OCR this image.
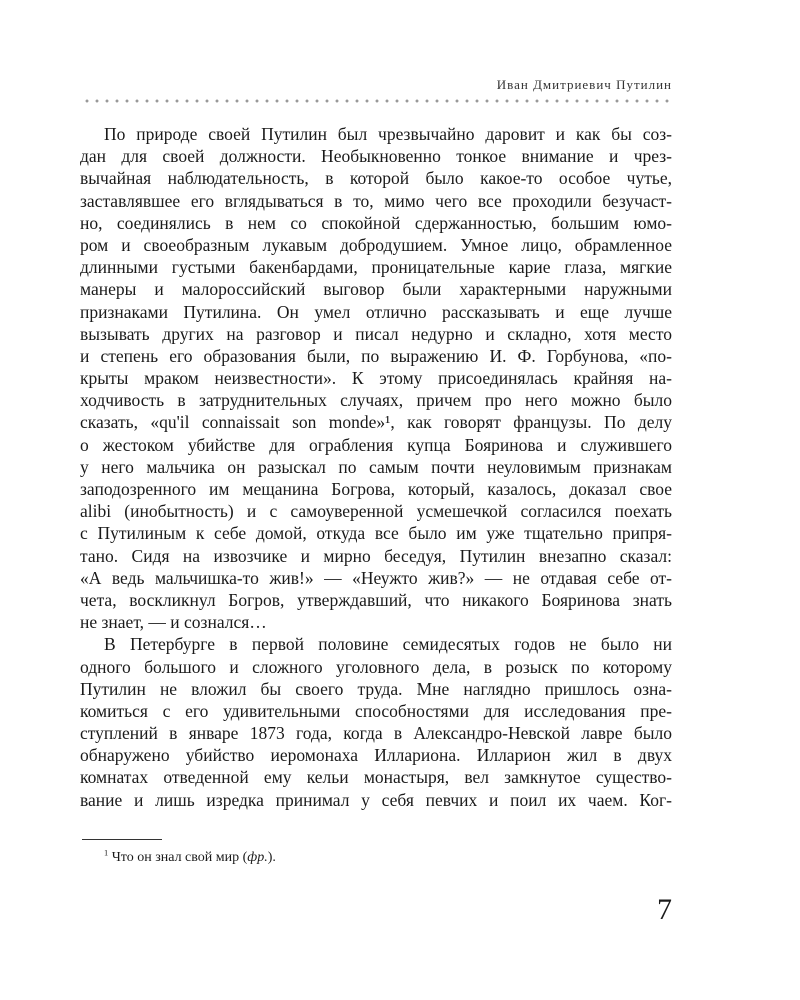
Иван Дмитриевич Путилин
По природе своей Путилин был чрезвычайно даровит и как бы соз-
дан для своей должности. Необыкновенно тонкое внимание и чрез-
вычайная наблюдательность, в которой было какое-то особое чутье,
заставлявшее его вглядываться в то, мимо чего все проходили безучаст-
но, соединялись в нем со спокойной сдержанностью, большим юмо-
ром и своеобразным лукавым добродушием. Умное лицо, обрамленное
длинными густыми бакенбардами, проницательные карие глаза, мягкие
манеры и малороссийский выговор были характерными наружными
признаками Путилина. Он умел отлично рассказывать и еще лучше
вызывать других на разговор и писал недурно и складно, хотя место
и степень его образования были, по выражению И. Ф. Горбунова, «по-
крыты мраком неизвестности». К этому присоединялась крайняя на-
ходчивость в затруднительных случаях, причем про него можно было
сказать, «qu'il connaissait son monde»¹, как говорят французы. По делу
о жестоком убийстве для ограбления купца Бояринова и служившего
у него мальчика он разыскал по самым почти неуловимым признакам
заподозренного им мещанина Богрова, который, казалось, доказал свое
alibi (инобытность) и с самоуверенной усмешечкой согласился поехать
с Путилиным к себе домой, откуда все было им уже тщательно припря-
тано. Сидя на извозчике и мирно беседуя, Путилин внезапно сказал:
«А ведь мальчишка-то жив!» — «Неужто жив?» — не отдавая себе от-
чета, воскликнул Богров, утверждавший, что никакого Бояринова знать
не знает, — и сознался…
В Петербурге в первой половине семидесятых годов не было ни
одного большого и сложного уголовного дела, в розыск по которому
Путилин не вложил бы своего труда. Мне наглядно пришлось озна-
комиться с его удивительными способностями для исследования пре-
ступлений в январе 1873 года, когда в Александро-Невской лавре было
обнаружено убийство иеромонаха Иллариона. Илларион жил в двух
комнатах отведенной ему кельи монастыря, вел замкнутое существо-
вание и лишь изредка принимал у себя певчих и поил их чаем. Ког-
$^1$ Что он знал свой мир (фр.).
7
